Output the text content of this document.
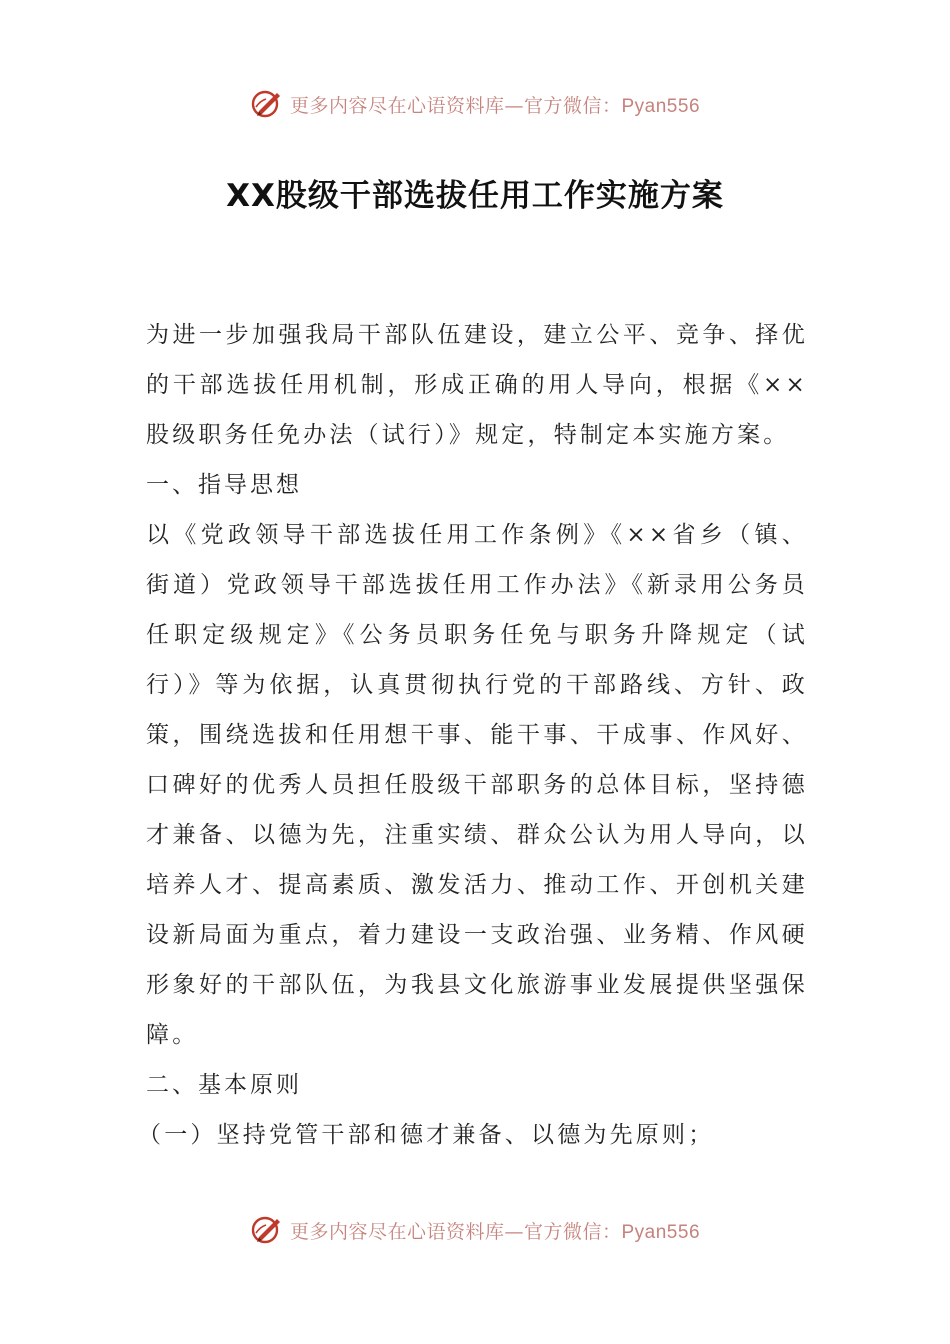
更多内容尽在心语资料库—官方微信：Pyan556
XX股级干部选拔任用工作实施方案

为进一步加强我局干部队伍建设，建立公平、竞争、择优的干部选拔任用机制，形成正确的用人导向，根据《××股级职务任免办法（试行）》规定，特制定本实施方案。

一、指导思想

以《党政领导干部选拔任用工作条例》《××省乡（镇、街道）党政领导干部选拔任用工作办法》《新录用公务员任职定级规定》《公务员职务任免与职务升降规定（试行）》等为依据，认真贯彻执行党的干部路线、方针、政策，围绕选拔和任用想干事、能干事、干成事、作风好、口碑好的优秀人员担任股级干部职务的总体目标，坚持德才兼备、以德为先，注重实绩、群众公认为用人导向，以培养人才、提高素质、激发活力、推动工作、开创机关建设新局面为重点，着力建设一支政治强、业务精、作风硬形象好的干部队伍，为我县文化旅游事业发展提供坚强保障。

二、基本原则

（一）坚持党管干部和德才兼备、以德为先原则；

更多内容尽在心语资料库—官方微信：Pyan556
